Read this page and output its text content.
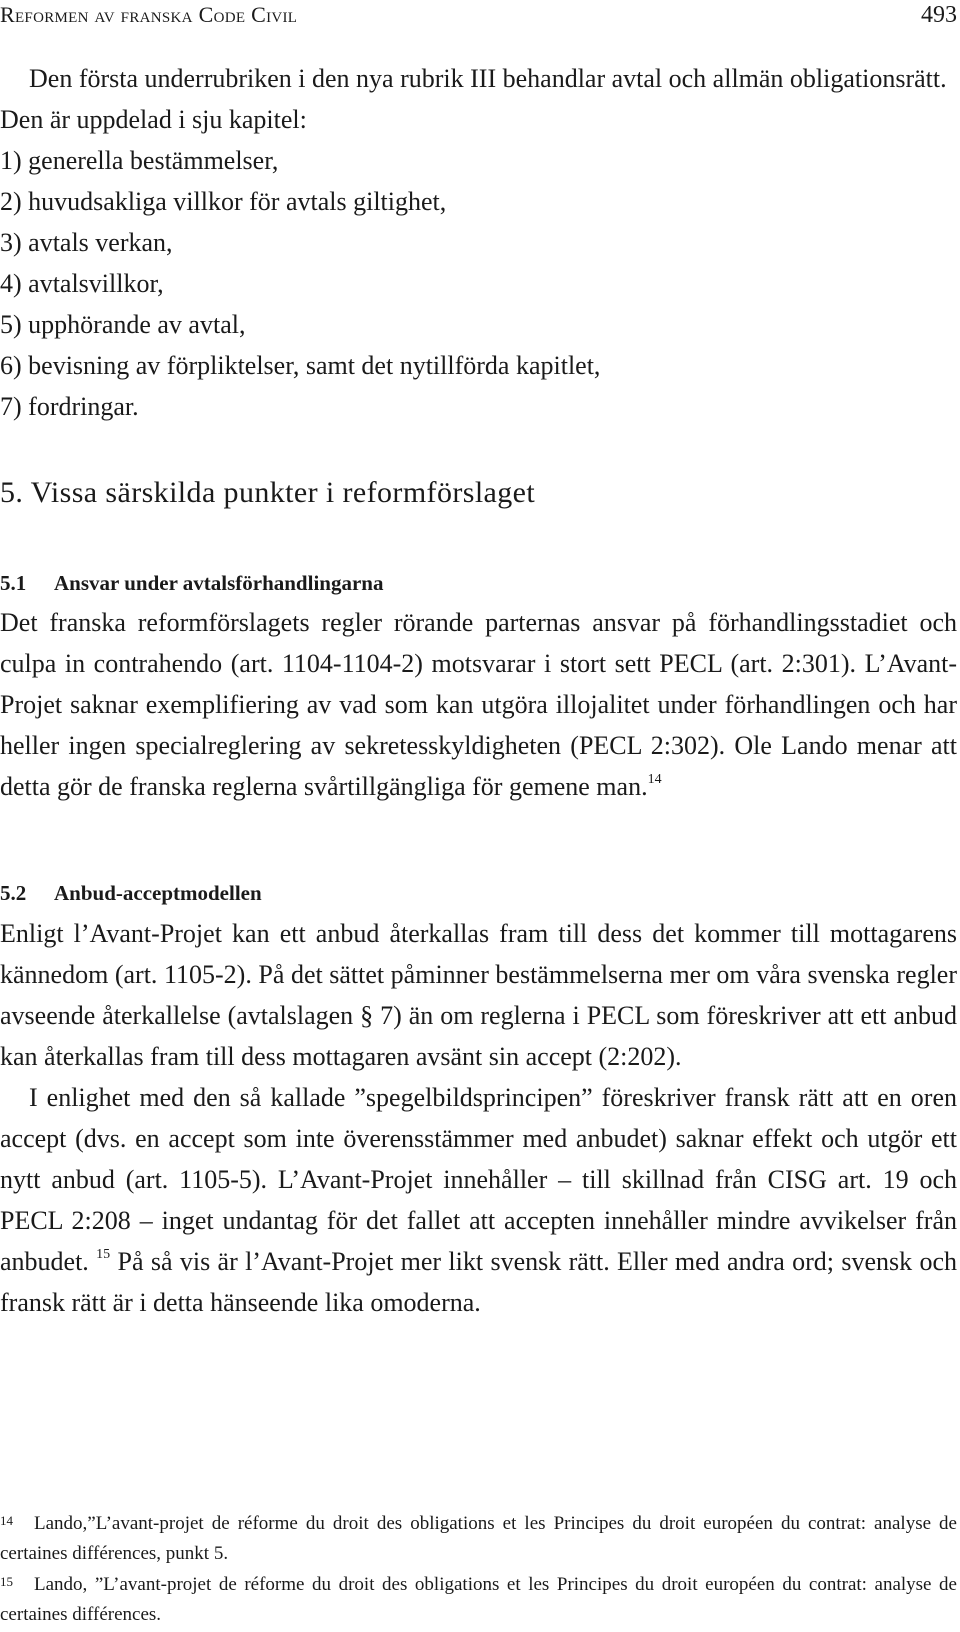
Reformen av franska Code Civil	493

Den första underrubriken i den nya rubrik III behandlar avtal och allmän obligationsrätt. Den är uppdelad i sju kapitel:

1) generella bestämmelser,

2) huvudsakliga villkor för avtals giltighet,

3) avtals verkan,

4) avtalsvillkor,

5) upphörande av avtal,

6) bevisning av förpliktelser, samt det nytillförda kapitlet,

7) fordringar.

5. Vissa särskilda punkter i reformförslaget
5.1 Ansvar under avtalsförhandlingarna

Det franska reformförslagets regler rörande parternas ansvar på förhandlingsstadiet och culpa in contrahendo (art. 1104-1104-2) motsvarar i stort sett PECL (art. 2:301). L’Avant-Projet saknar exemplifiering av vad som kan utgöra illojalitet under förhandlingen och har heller ingen specialreglering av sekretesskyldigheten (PECL 2:302). Ole Lando menar att detta gör de franska reglerna svårtillgängliga för gemene man.$^{14}$

5.2 Anbud-acceptmodellen

Enligt l’Avant-Projet kan ett anbud återkallas fram till dess det kommer till mottagarens kännedom (art. 1105-2). På det sättet påminner bestämmelserna mer om våra svenska regler avseende återkallelse (avtalslagen § 7) än om reglerna i PECL som föreskriver att ett anbud kan återkallas fram till dess mottagaren avsänt sin accept (2:202).

I enlighet med den så kallade ”spegelbildsprincipen” föreskriver fransk rätt att en oren accept (dvs. en accept som inte överensstämmer med anbudet) saknar effekt och utgör ett nytt anbud (art. 1105-5). L’Avant-Projet innehåller – till skillnad från CISG art. 19 och PECL 2:208 – inget undantag för det fallet att accepten innehåller mindre avvikelser från anbudet. $^{15}$ På så vis är l’Avant-Projet mer likt svensk rätt. Eller med andra ord; svensk och fransk rätt är i detta hänseende lika omoderna.

14 Lando,”L’avant-projet de réforme du droit des obligations et les Principes du droit européen du contrat: analyse de certaines différences, punkt 5.
15 Lando, ”L’avant-projet de réforme du droit des obligations et les Principes du droit européen du contrat: analyse de certaines différences.
